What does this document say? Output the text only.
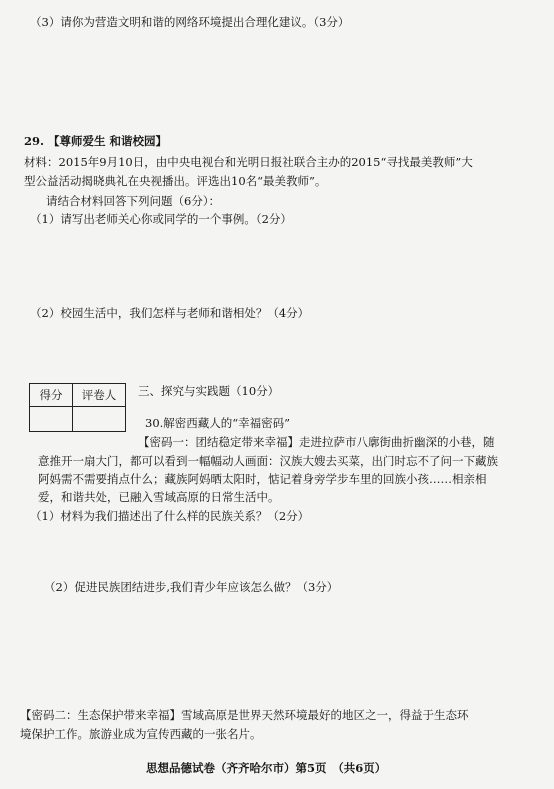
（3）请你为营造文明和谐的网络环境提出合理化建议。（3分）
29. 【尊师爱生 和谐校园】
材料：2015年9月10日，由中央电视台和光明日报社联合主办的2015“寻找最美教师”大
型公益活动揭晓典礼在央视播出。评选出10名“最美教师”。
请结合材料回答下列问题（6分）：
（1）请写出老师关心你或同学的一个事例。（2分）
（2）校园生活中，我们怎样与老师和谐相处？（4分）
得分	评卷人
	三、探究与实践题（10分）
30.解密西藏人的“幸福密码”
【密码一：团结稳定带来幸福】走进拉萨市八廓街曲折幽深的小巷，随
意推开一扇大门，都可以看到一幅幅动人画面：汉族大嫂去买菜，出门时忘不了问一下藏族
阿妈需不需要捎点什么；藏族阿妈晒太阳时，惦记着身旁学步车里的回族小孩……相亲相
爱，和谐共处，已融入雪域高原的日常生活中。
（1）材料为我们描述出了什么样的民族关系？（2分）
（2）促进民族团结进步,我们青少年应该怎么做？（3分）
【密码二：生态保护带来幸福】雪域高原是世界天然环境最好的地区之一，得益于生态环
境保护工作。旅游业成为宣传西藏的一张名片。
思想品德试卷（齐齐哈尔市）第5页　（共6页）
